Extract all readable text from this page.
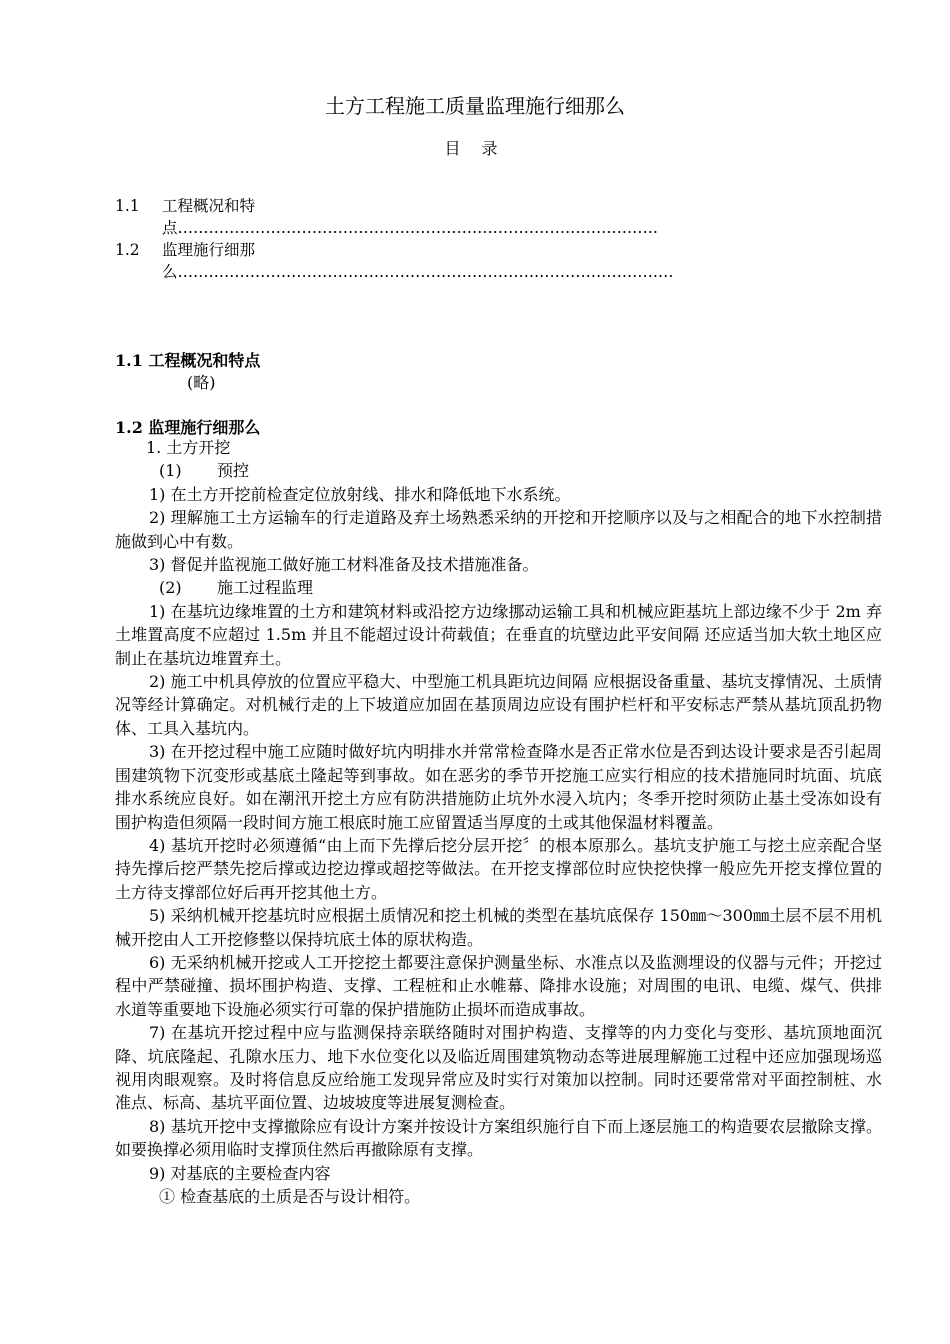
土方工程施工质量监理施行细那么
目 录
1.1 工程概况和特
点…………………………………………………………………………………
1.2 监理施行细那
么……………………………………………………………………………………
1.1 工程概况和特点
(略)
1.2 监理施行细那么

1. 土方开挖

(1) 预控

1) 在土方开挖前检查定位放射线、排水和降低地下水系统。

2) 理解施工土方运输车的行走道路及弃土场熟悉采纳的开挖和开挖顺序以及与之相配合的地下水控制措施做到心中有数。

3) 督促并监视施工做好施工材料准备及技术措施准备。

(2) 施工过程监理

1) 在基坑边缘堆置的土方和建筑材料或沿挖方边缘挪动运输工具和机械应距基坑上部边缘不少于 2m 弃土堆置高度不应超过 1.5m 并且不能超过设计荷载值；在垂直的坑壁边此平安间隔 还应适当加大软土地区应制止在基坑边堆置弃土。

2) 施工中机具停放的位置应平稳大、中型施工机具距坑边间隔 应根据设备重量、基坑支撑情况、土质情况等经计算确定。对机械行走的上下坡道应加固在基顶周边应设有围护栏杆和平安标志严禁从基坑顶乱扔物体、工具入基坑内。

3) 在开挖过程中施工应随时做好坑内明排水并常常检查降水是否正常水位是否到达设计要求是否引起周围建筑物下沉变形或基底土隆起等到事故。如在恶劣的季节开挖施工应实行相应的技术措施同时坑面、坑底排水系统应良好。如在潮汛开挖土方应有防洪措施防止坑外水浸入坑内；冬季开挖时须防止基土受冻如设有围护构造但须隔一段时间方施工根底时施工应留置适当厚度的土或其他保温材料覆盖。

4) 基坑开挖时必须遵循“由上而下先撑后挖分层开挖〞的根本原那么。基坑支护施工与挖土应亲配合坚持先撑后挖严禁先挖后撑或边挖边撑或超挖等做法。在开挖支撑部位时应快挖快撑一般应先开挖支撑位置的土方待支撑部位好后再开挖其他土方。

5) 采纳机械开挖基坑时应根据土质情况和挖土机械的类型在基坑底保存 150㎜～300㎜土层不层不用机械开挖由人工开挖修整以保持坑底土体的原状构造。

6) 无采纳机械开挖或人工开挖挖土都要注意保护测量坐标、水准点以及监测埋设的仪器与元件；开挖过程中严禁碰撞、损坏围护构造、支撑、工程桩和止水帷幕、降排水设施；对周围的电讯、电缆、煤气、供排水道等重要地下设施必须实行可靠的保护措施防止损坏而造成事故。

7) 在基坑开挖过程中应与监测保持亲联络随时对围护构造、支撑等的内力变化与变形、基坑顶地面沉降、坑底隆起、孔隙水压力、地下水位变化以及临近周围建筑物动态等进展理解施工过程中还应加强现场巡视用肉眼观察。及时将信息反应给施工发现异常应及时实行对策加以控制。同时还要常常对平面控制桩、水准点、标高、基坑平面位置、边坡坡度等进展复测检查。

8) 基坑开挖中支撑撤除应有设计方案并按设计方案组织施行自下而上逐层施工的构造要农层撤除支撑。如要换撑必须用临时支撑顶住然后再撤除原有支撑。

9) 对基底的主要检查内容

① 检查基底的土质是否与设计相符。
